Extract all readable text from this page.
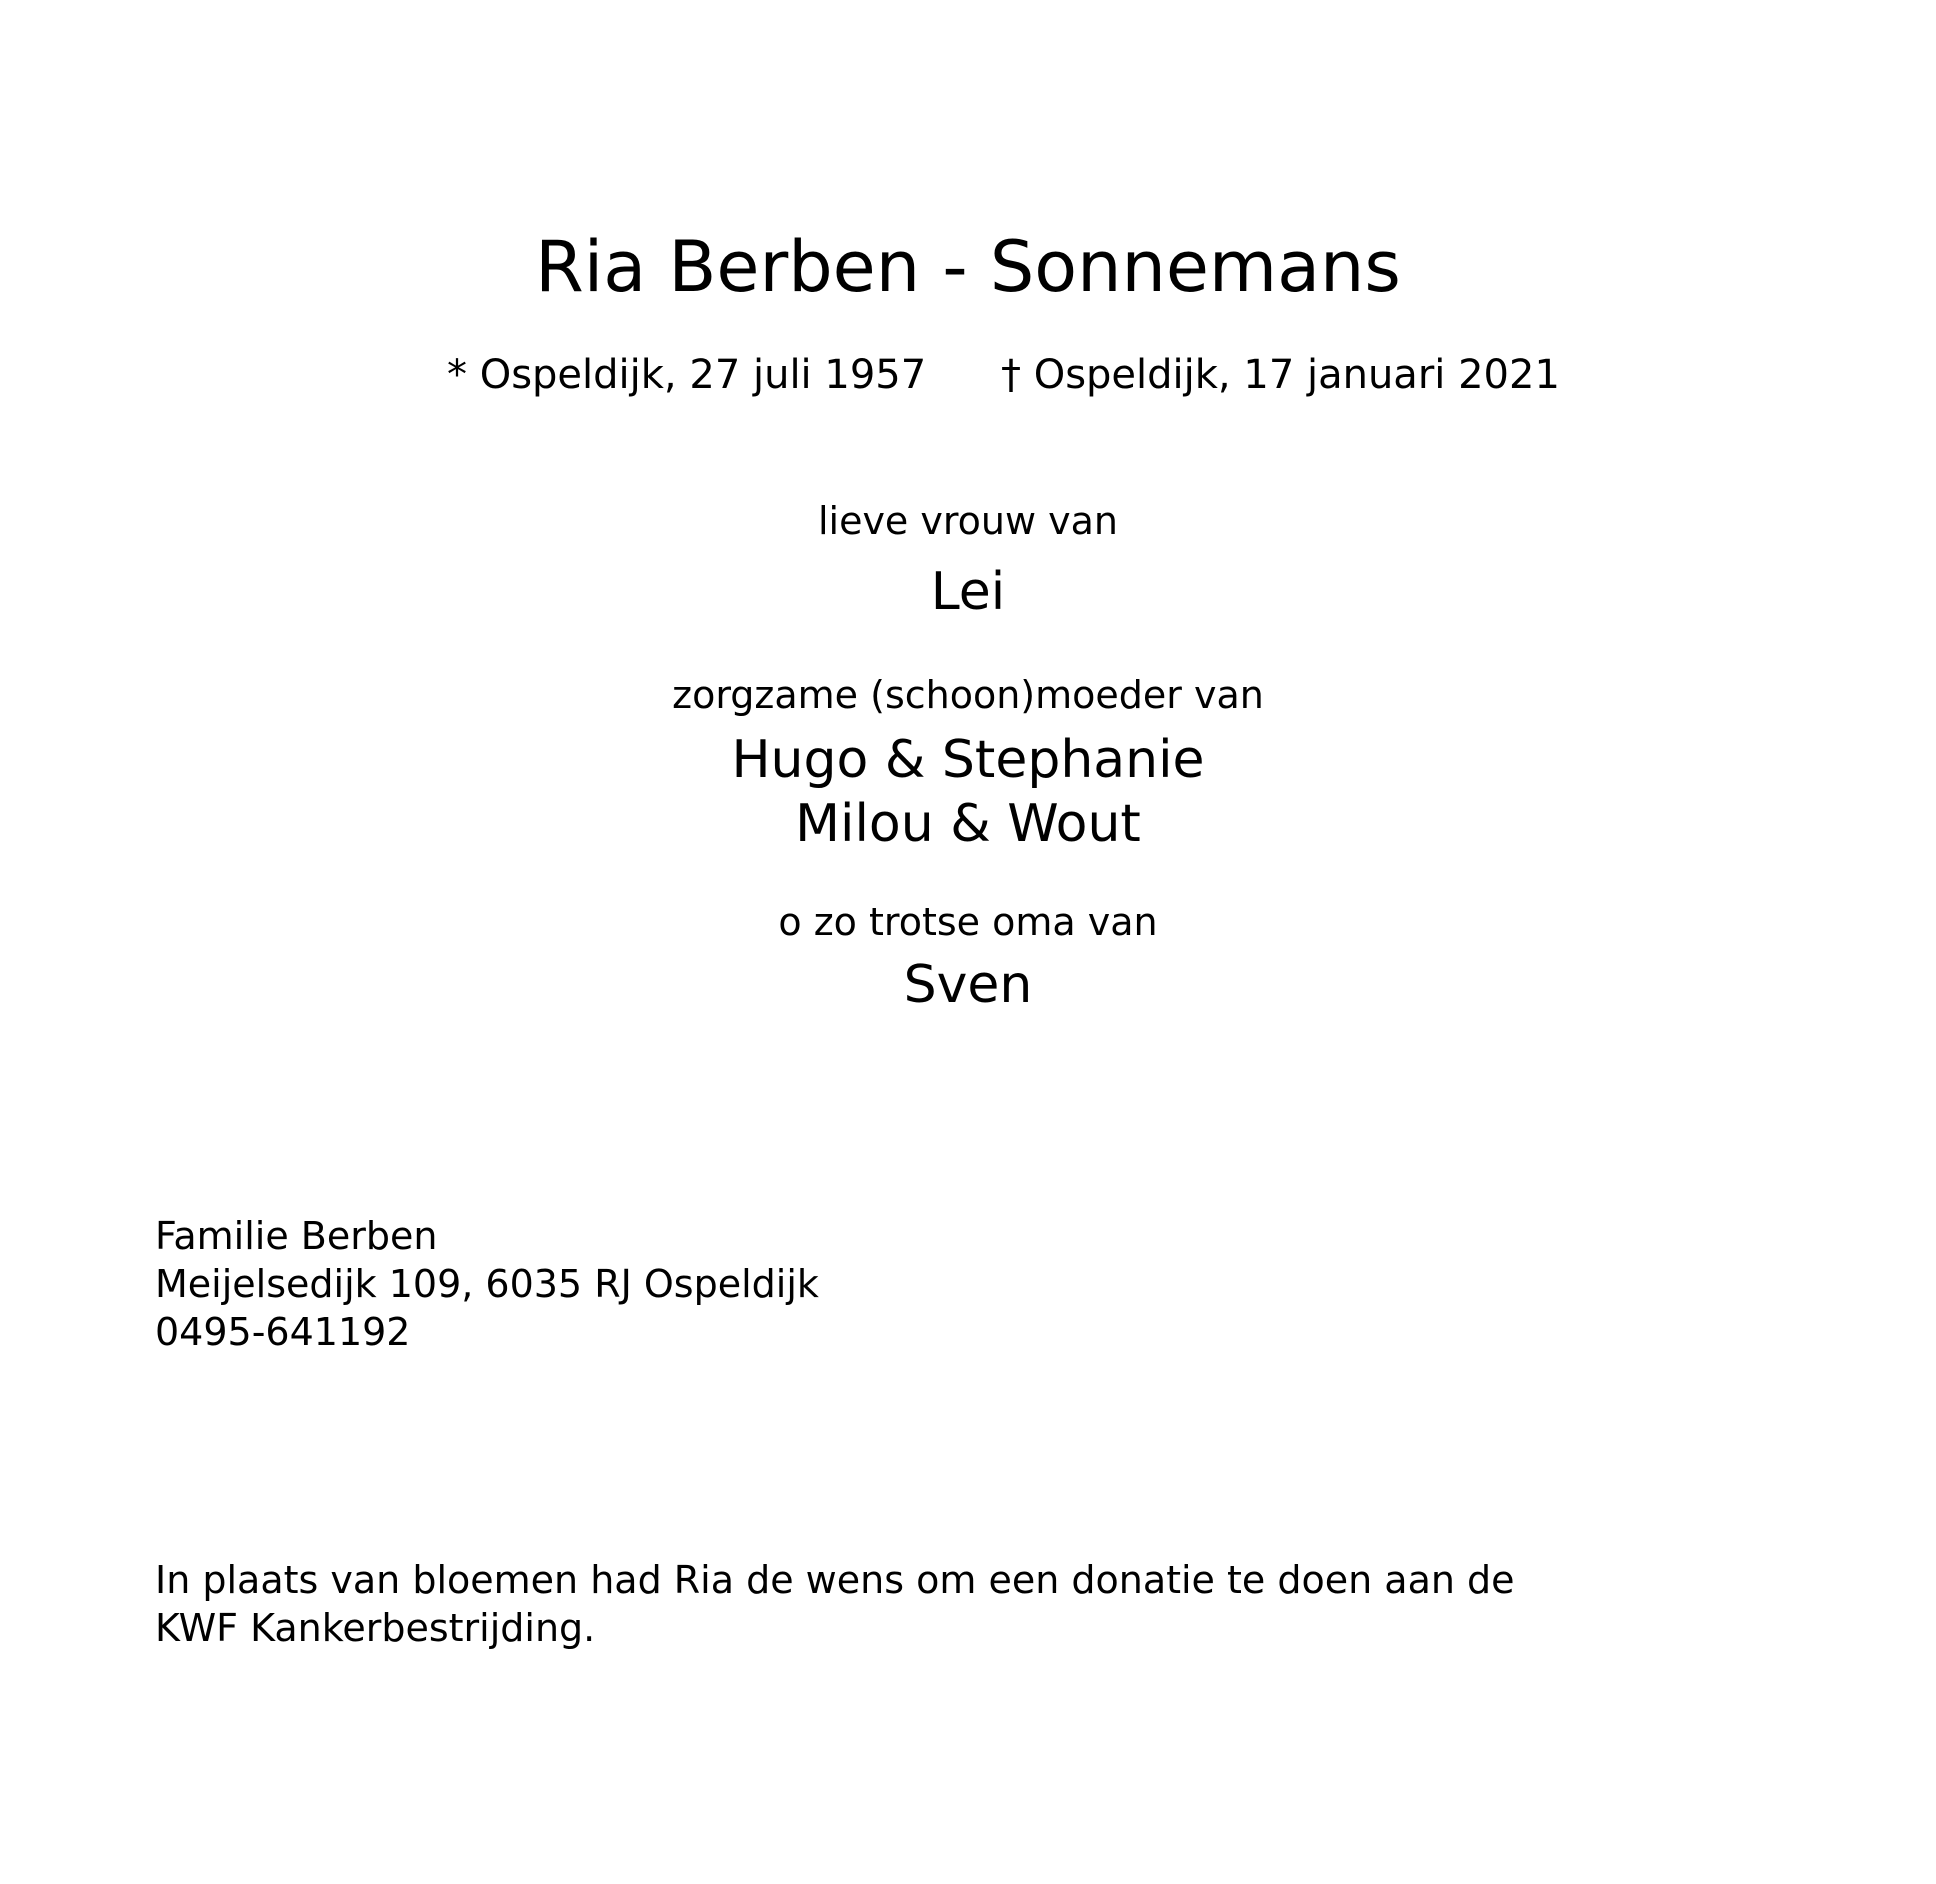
Ria Berben - Sonnemans
* Ospeldijk, 27 juli 1957 † Ospeldijk, 17 januari 2021
lieve vrouw van
Lei
zorgzame (schoon)moeder van
Hugo & Stephanie
Milou & Wout
o zo trotse oma van
Sven
Familie Berben
Meijelsedijk 109, 6035 RJ Ospeldijk
0495-641192
In plaats van bloemen had Ria de wens om een donatie te doen aan de
KWF Kankerbestrijding.
